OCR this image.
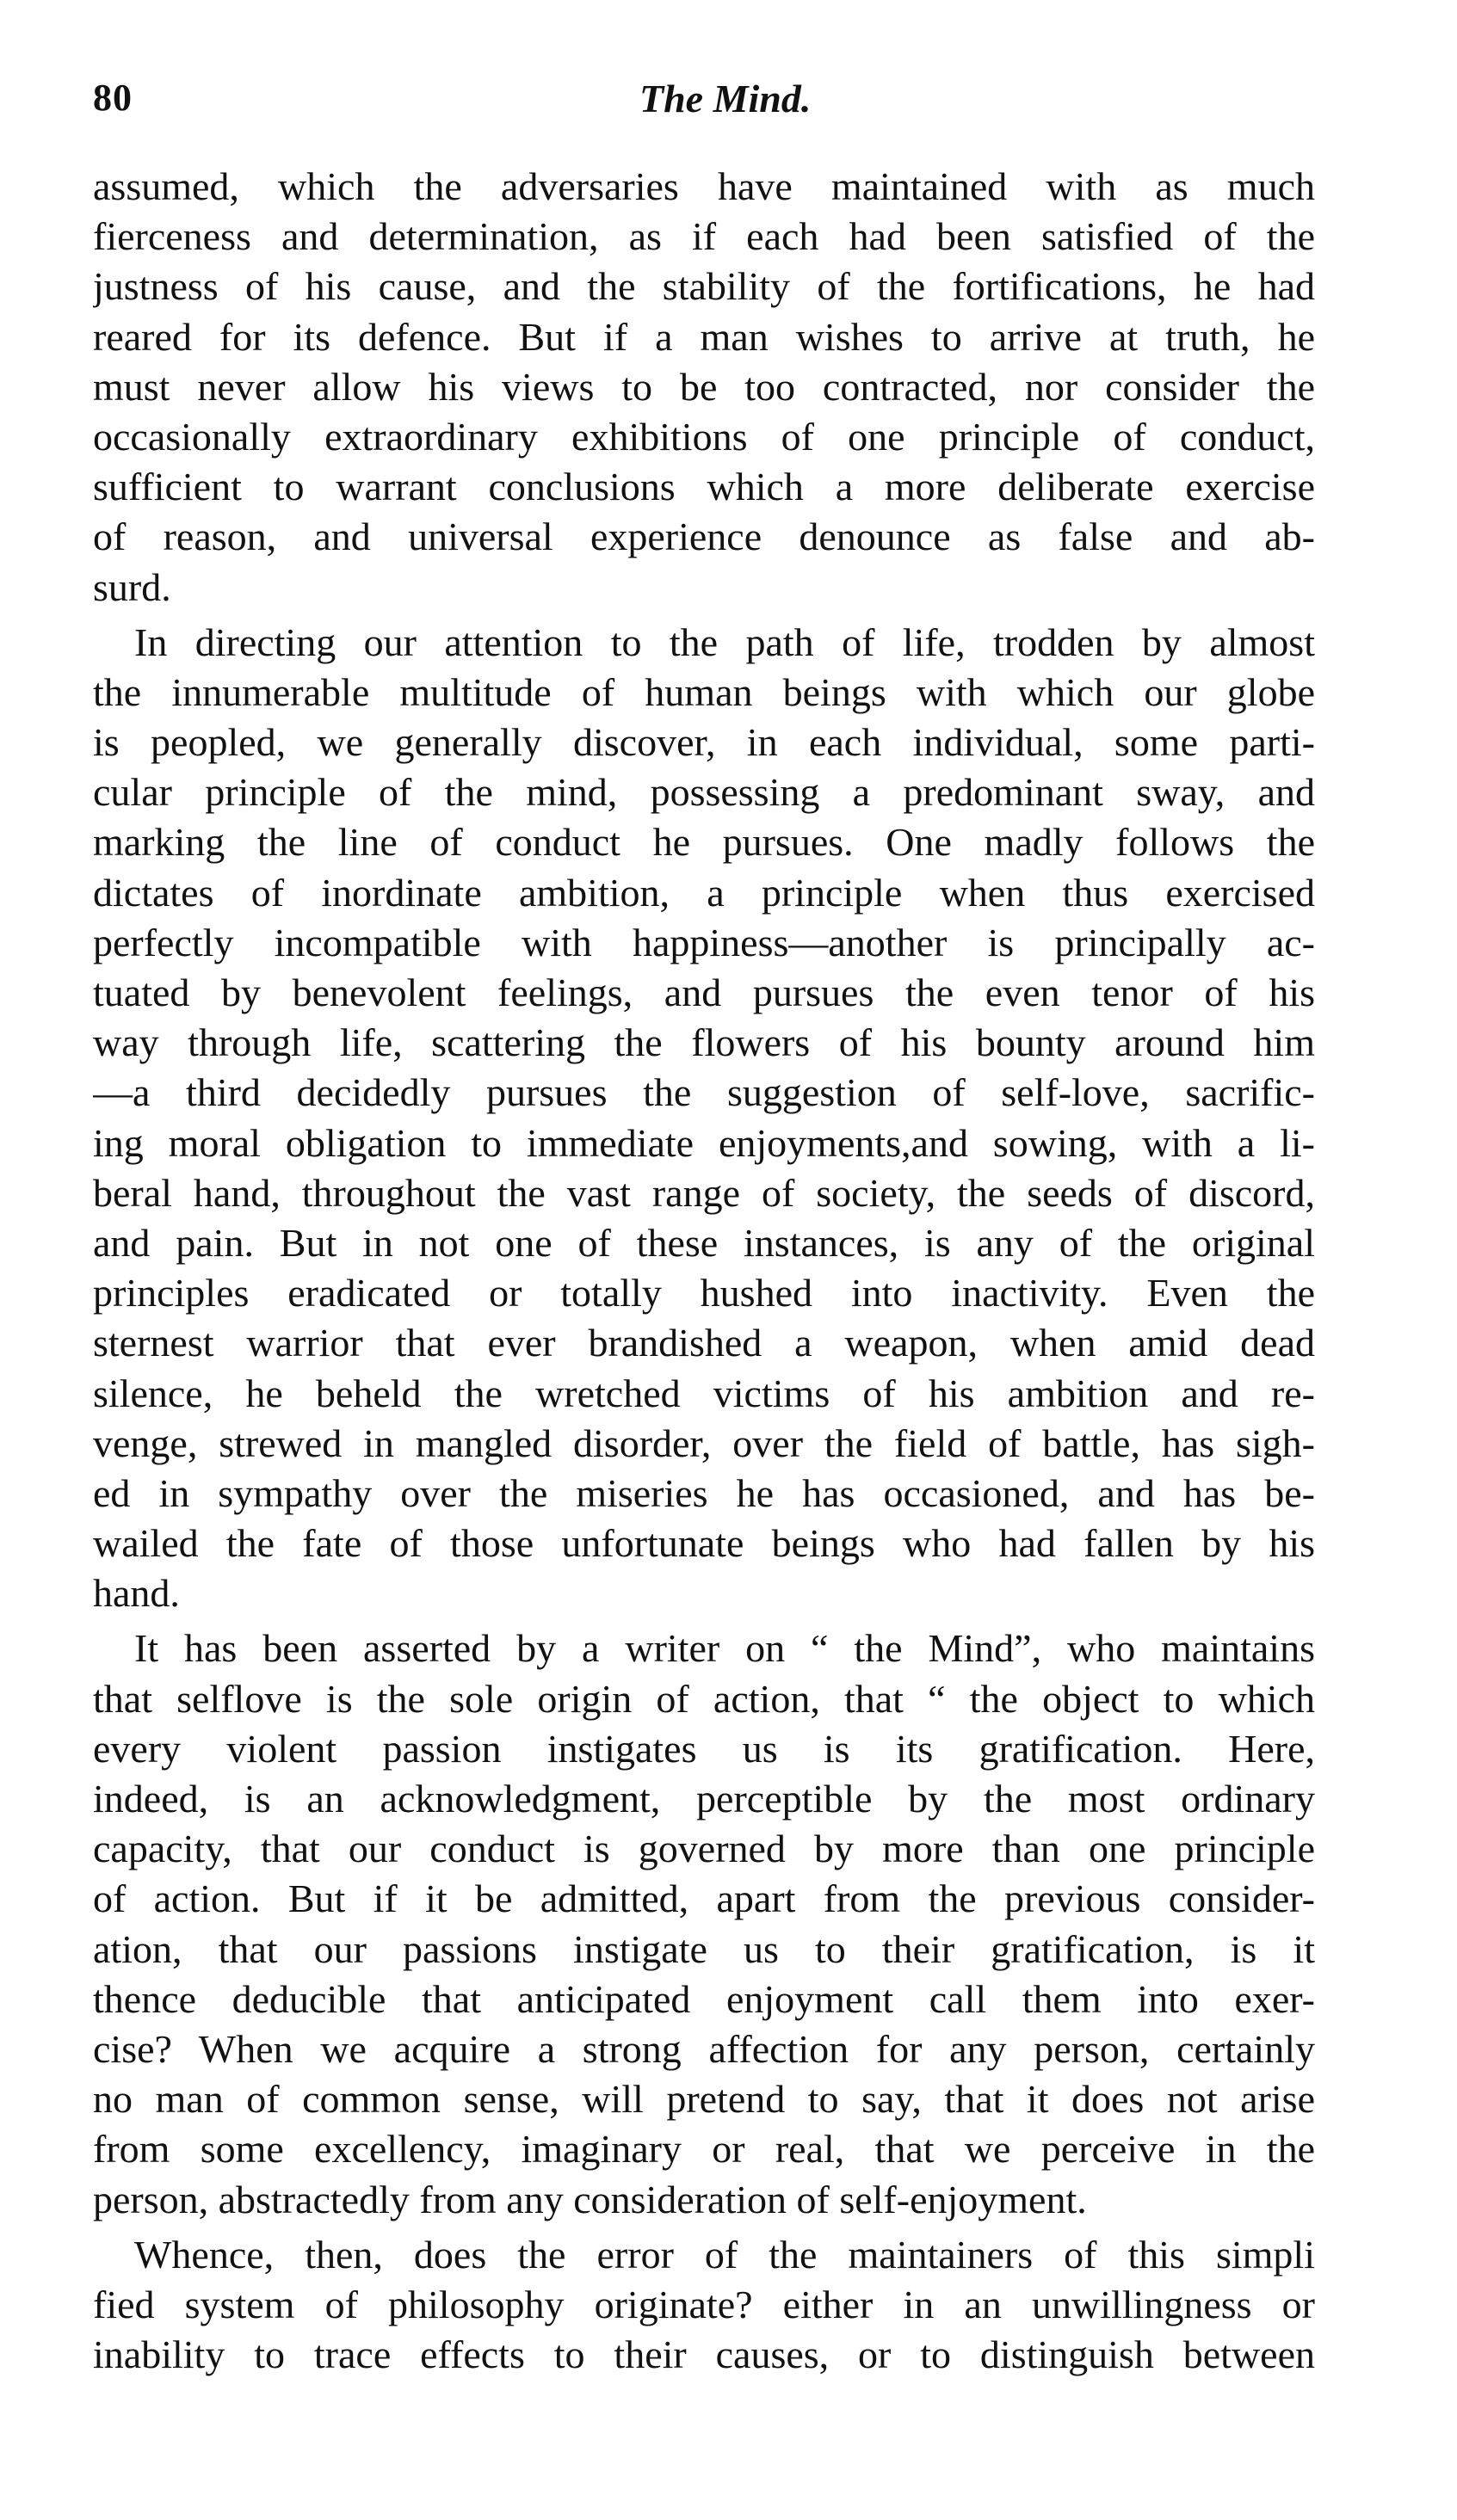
80	The Mind.
assumed, which the adversaries have maintained with as much
fierceness and determination, as if each had been satisfied of the
justness of his cause, and the stability of the fortifications, he had
reared for its defence. But if a man wishes to arrive at truth, he
must never allow his views to be too contracted, nor consider the
occasionally extraordinary exhibitions of one principle of conduct,
sufficient to warrant conclusions which a more deliberate exercise
of reason, and universal experience denounce as false and ab-
surd.
In directing our attention to the path of life, trodden by almost
the innumerable multitude of human beings with which our globe
is peopled, we generally discover, in each individual, some parti-
cular principle of the mind, possessing a predominant sway, and
marking the line of conduct he pursues. One madly follows the
dictates of inordinate ambition, a principle when thus exercised
perfectly incompatible with happiness—another is principally ac-
tuated by benevolent feelings, and pursues the even tenor of his
way through life, scattering the flowers of his bounty around him
—a third decidedly pursues the suggestion of self-love, sacrific-
ing moral obligation to immediate enjoyments,and sowing, with a li-
beral hand, throughout the vast range of society, the seeds of discord,
and pain. But in not one of these instances, is any of the original
principles eradicated or totally hushed into inactivity. Even the
sternest warrior that ever brandished a weapon, when amid dead
silence, he beheld the wretched victims of his ambition and re-
venge, strewed in mangled disorder, over the field of battle, has sigh-
ed in sympathy over the miseries he has occasioned, and has be-
wailed the fate of those unfortunate beings who had fallen by his
hand.
It has been asserted by a writer on “ the Mind”, who maintains
that selflove is the sole origin of action, that “ the object to which
every violent passion instigates us is its gratification. Here,
indeed, is an acknowledgment, perceptible by the most ordinary
capacity, that our conduct is governed by more than one principle
of action. But if it be admitted, apart from the previous consider-
ation, that our passions instigate us to their gratification, is it
thence deducible that anticipated enjoyment call them into exer-
cise? When we acquire a strong affection for any person, certainly
no man of common sense, will pretend to say, that it does not arise
from some excellency, imaginary or real, that we perceive in the
person, abstractedly from any consideration of self-enjoyment.
Whence, then, does the error of the maintainers of this simpli
fied system of philosophy originate? either in an unwillingness or
inability to trace effects to their causes, or to distinguish between
